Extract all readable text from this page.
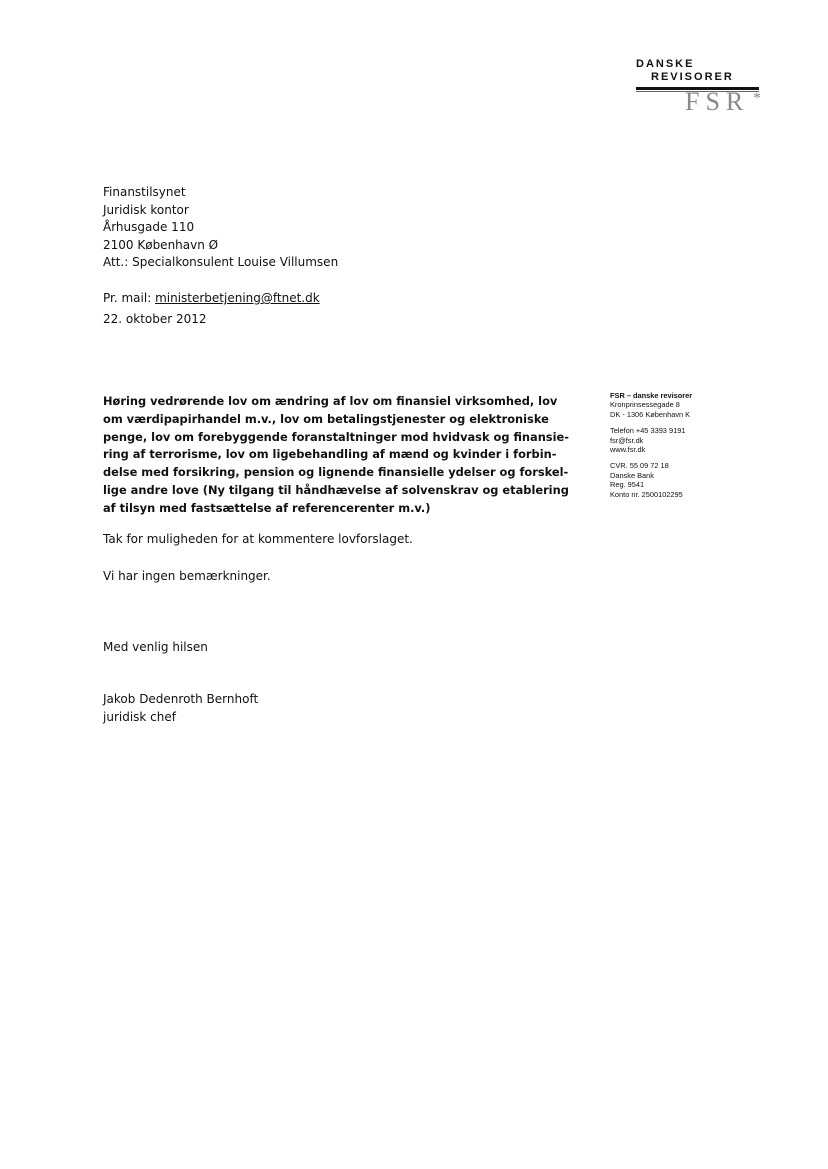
DANSKE
REVISORER
FSR *
Finanstilsynet
Juridisk kontor
Århusgade 110
2100 København Ø
Att.: Specialkonsulent Louise Villumsen
Pr. mail: ministerbetjening@ftnet.dk
22. oktober 2012
Høring vedrørende lov om ændring af lov om finansiel virksomhed, lov
om værdipapirhandel m.v., lov om betalingstjenester og elektroniske
penge, lov om forebyggende foranstaltninger mod hvidvask og finansie-
ring af terrorisme, lov om ligebehandling af mænd og kvinder i forbin-
delse med forsikring, pension og lignende finansielle ydelser og forskel-
lige andre love (Ny tilgang til håndhævelse af solvenskrav og etablering
af tilsyn med fastsættelse af referencerenter m.v.)
Tak for muligheden for at kommentere lovforslaget.
Vi har ingen bemærkninger.
Med venlig hilsen
Jakob Dedenroth Bernhoft
juridisk chef
FSR – danske revisorer
Kronprinsessegade 8
DK - 1306 København K
Telefon +45 3393 9191
fsr@fsr.dk
www.fsr.dk
CVR. 55 09 72 18
Danske Bank
Reg. 9541
Konto nr. 2500102295
